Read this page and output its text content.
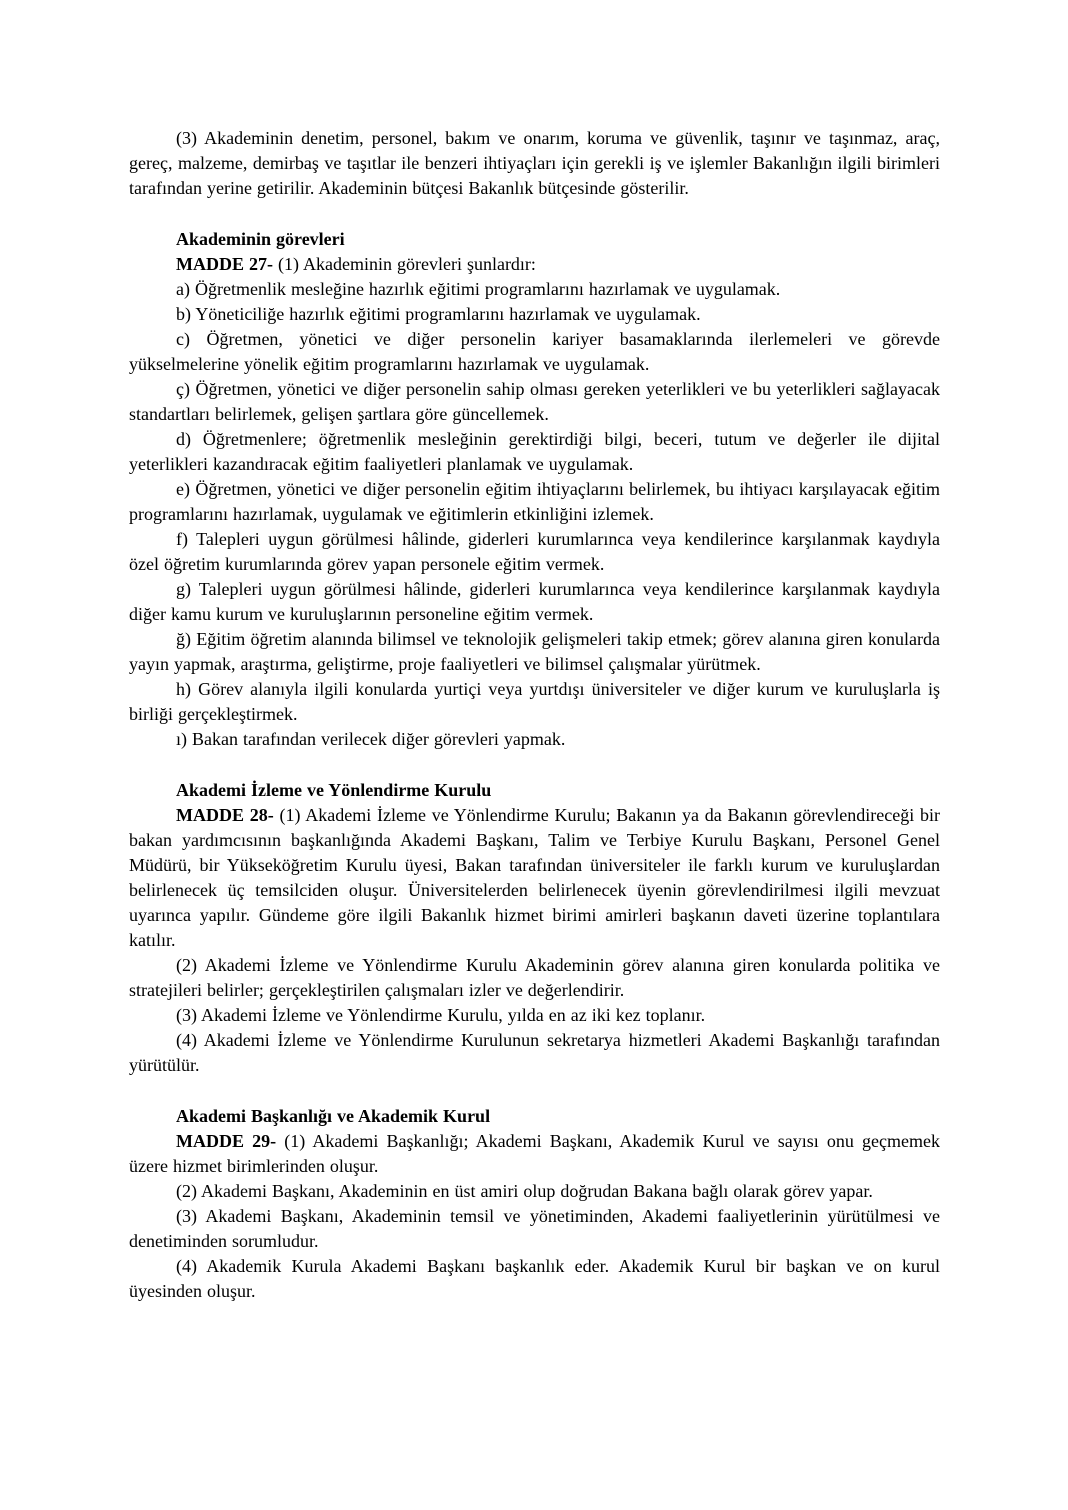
(3) Akademinin denetim, personel, bakım ve onarım, koruma ve güvenlik, taşınır ve taşınmaz, araç, gereç, malzeme, demirbaş ve taşıtlar ile benzeri ihtiyaçları için gerekli iş ve işlemler Bakanlığın ilgili birimleri tarafından yerine getirilir. Akademinin bütçesi Bakanlık bütçesinde gösterilir.

Akademinin görevleri

MADDE 27- (1) Akademinin görevleri şunlardır:

a) Öğretmenlik mesleğine hazırlık eğitimi programlarını hazırlamak ve uygulamak.

b) Yöneticiliğe hazırlık eğitimi programlarını hazırlamak ve uygulamak.

c) Öğretmen, yönetici ve diğer personelin kariyer basamaklarında ilerlemeleri ve görevde yükselmelerine yönelik eğitim programlarını hazırlamak ve uygulamak.

ç) Öğretmen, yönetici ve diğer personelin sahip olması gereken yeterlikleri ve bu yeterlikleri sağlayacak standartları belirlemek, gelişen şartlara göre güncellemek.

d) Öğretmenlere; öğretmenlik mesleğinin gerektirdiği bilgi, beceri, tutum ve değerler ile dijital yeterlikleri kazandıracak eğitim faaliyetleri planlamak ve uygulamak.

e) Öğretmen, yönetici ve diğer personelin eğitim ihtiyaçlarını belirlemek, bu ihtiyacı karşılayacak eğitim programlarını hazırlamak, uygulamak ve eğitimlerin etkinliğini izlemek.

f) Talepleri uygun görülmesi hâlinde, giderleri kurumlarınca veya kendilerince karşılanmak kaydıyla özel öğretim kurumlarında görev yapan personele eğitim vermek.

g) Talepleri uygun görülmesi hâlinde, giderleri kurumlarınca veya kendilerince karşılanmak kaydıyla diğer kamu kurum ve kuruluşlarının personeline eğitim vermek.

ğ) Eğitim öğretim alanında bilimsel ve teknolojik gelişmeleri takip etmek; görev alanına giren konularda yayın yapmak, araştırma, geliştirme, proje faaliyetleri ve bilimsel çalışmalar yürütmek.

h) Görev alanıyla ilgili konularda yurtiçi veya yurtdışı üniversiteler ve diğer kurum ve kuruluşlarla iş birliği gerçekleştirmek.

ı) Bakan tarafından verilecek diğer görevleri yapmak.

Akademi İzleme ve Yönlendirme Kurulu

MADDE 28- (1) Akademi İzleme ve Yönlendirme Kurulu; Bakanın ya da Bakanın görevlendireceği bir bakan yardımcısının başkanlığında Akademi Başkanı, Talim ve Terbiye Kurulu Başkanı, Personel Genel Müdürü, bir Yükseköğretim Kurulu üyesi, Bakan tarafından üniversiteler ile farklı kurum ve kuruluşlardan belirlenecek üç temsilciden oluşur. Üniversitelerden belirlenecek üyenin görevlendirilmesi ilgili mevzuat uyarınca yapılır. Gündeme göre ilgili Bakanlık hizmet birimi amirleri başkanın daveti üzerine toplantılara katılır.

(2) Akademi İzleme ve Yönlendirme Kurulu Akademinin görev alanına giren konularda politika ve stratejileri belirler; gerçekleştirilen çalışmaları izler ve değerlendirir.

(3) Akademi İzleme ve Yönlendirme Kurulu, yılda en az iki kez toplanır.

(4) Akademi İzleme ve Yönlendirme Kurulunun sekretarya hizmetleri Akademi Başkanlığı tarafından yürütülür.

Akademi Başkanlığı ve Akademik Kurul

MADDE 29- (1) Akademi Başkanlığı; Akademi Başkanı, Akademik Kurul ve sayısı onu geçmemek üzere hizmet birimlerinden oluşur.

(2) Akademi Başkanı, Akademinin en üst amiri olup doğrudan Bakana bağlı olarak görev yapar.

(3) Akademi Başkanı, Akademinin temsil ve yönetiminden, Akademi faaliyetlerinin yürütülmesi ve denetiminden sorumludur.

(4) Akademik Kurula Akademi Başkanı başkanlık eder. Akademik Kurul bir başkan ve on kurul üyesinden oluşur.
